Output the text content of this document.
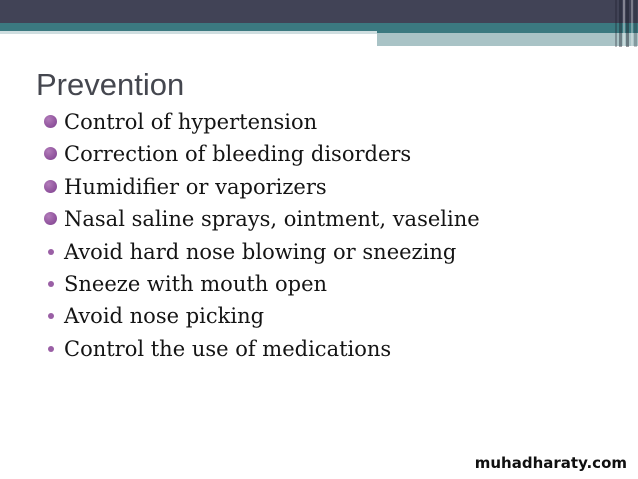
Prevention
Control of hypertension
Correction of bleeding disorders
Humidifier or vaporizers
Nasal saline sprays, ointment, vaseline
Avoid hard nose blowing or sneezing
Sneeze with mouth open
Avoid nose picking
Control the use of medications
muhadharaty.com
